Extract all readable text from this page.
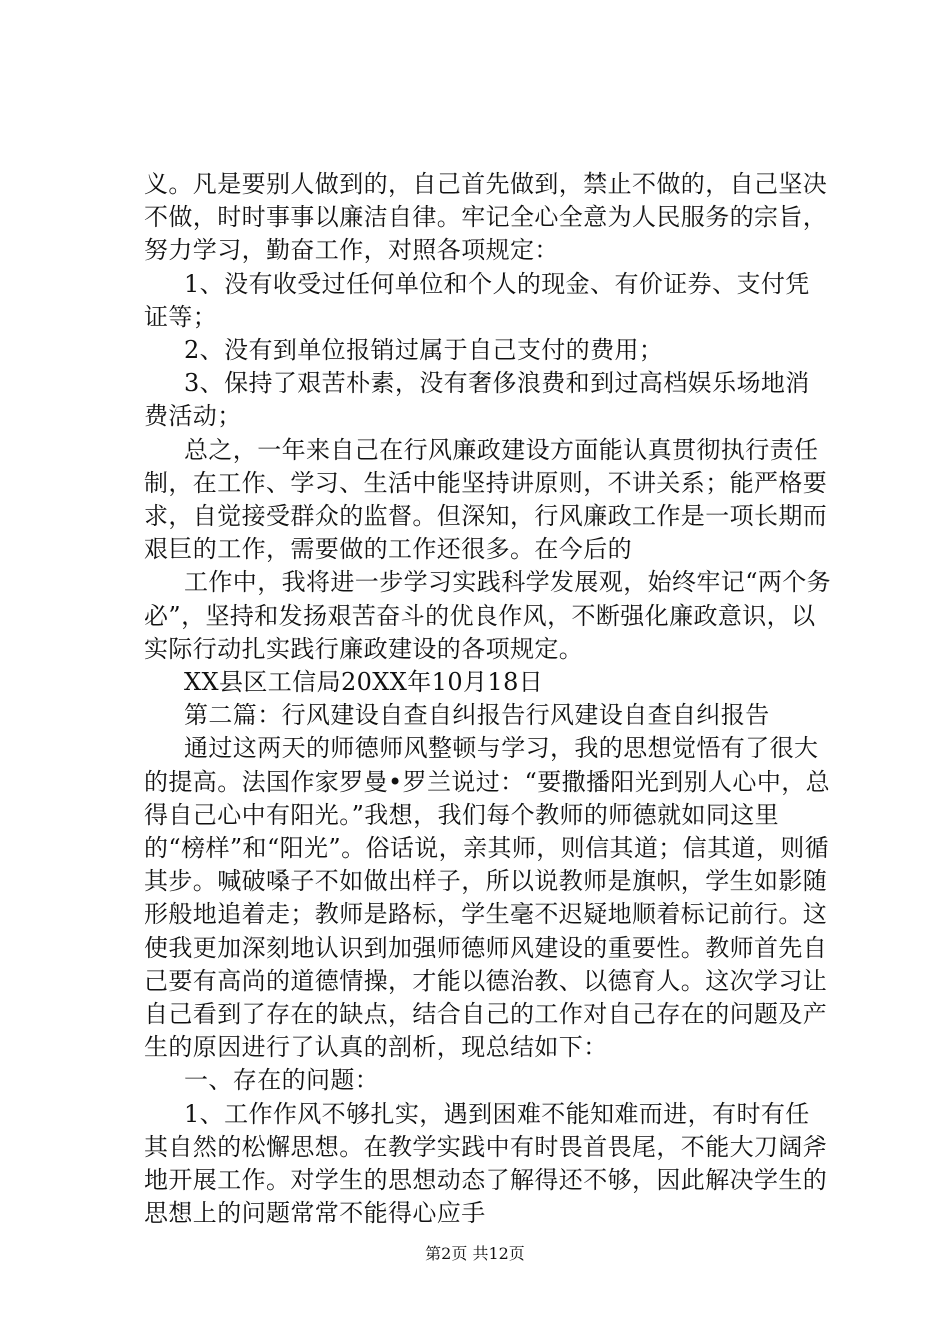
义。凡是要别人做到的，自己首先做到，禁止不做的，自己坚决不做，时时事事以廉洁自律。牢记全心全意为人民服务的宗旨，努力学习，勤奋工作，对照各项规定：

1、没有收受过任何单位和个人的现金、有价证券、支付凭证等；

2、没有到单位报销过属于自己支付的费用；

3、保持了艰苦朴素，没有奢侈浪费和到过高档娱乐场地消费活动；

总之，一年来自己在行风廉政建设方面能认真贯彻执行责任制，在工作、学习、生活中能坚持讲原则，不讲关系；能严格要求，自觉接受群众的监督。但深知，行风廉政工作是一项长期而艰巨的工作，需要做的工作还很多。在今后的

工作中，我将进一步学习实践科学发展观，始终牢记“两个务必”，坚持和发扬艰苦奋斗的优良作风，不断强化廉政意识，以实际行动扎实践行廉政建设的各项规定。

XX县区工信局20XX年10月18日

第二篇：行风建设自查自纠报告行风建设自查自纠报告

通过这两天的师德师风整顿与学习，我的思想觉悟有了很大的提高。法国作家罗曼•罗兰说过：“要撒播阳光到别人心中，总得自己心中有阳光。”我想，我们每个教师的师德就如同这里的“榜样”和“阳光”。俗话说，亲其师，则信其道；信其道，则循其步。喊破嗓子不如做出样子，所以说教师是旗帜，学生如影随形般地追着走；教师是路标，学生毫不迟疑地顺着标记前行。这使我更加深刻地认识到加强师德师风建设的重要性。教师首先自己要有高尚的道德情操，才能以德治教、以德育人。这次学习让自己看到了存在的缺点，结合自己的工作对自己存在的问题及产生的原因进行了认真的剖析，现总结如下：

一、存在的问题：

1、工作作风不够扎实，遇到困难不能知难而进，有时有任其自然的松懈思想。在教学实践中有时畏首畏尾，不能大刀阔斧地开展工作。对学生的思想动态了解得还不够，因此解决学生的思想上的问题常常不能得心应手

第2页 共12页
